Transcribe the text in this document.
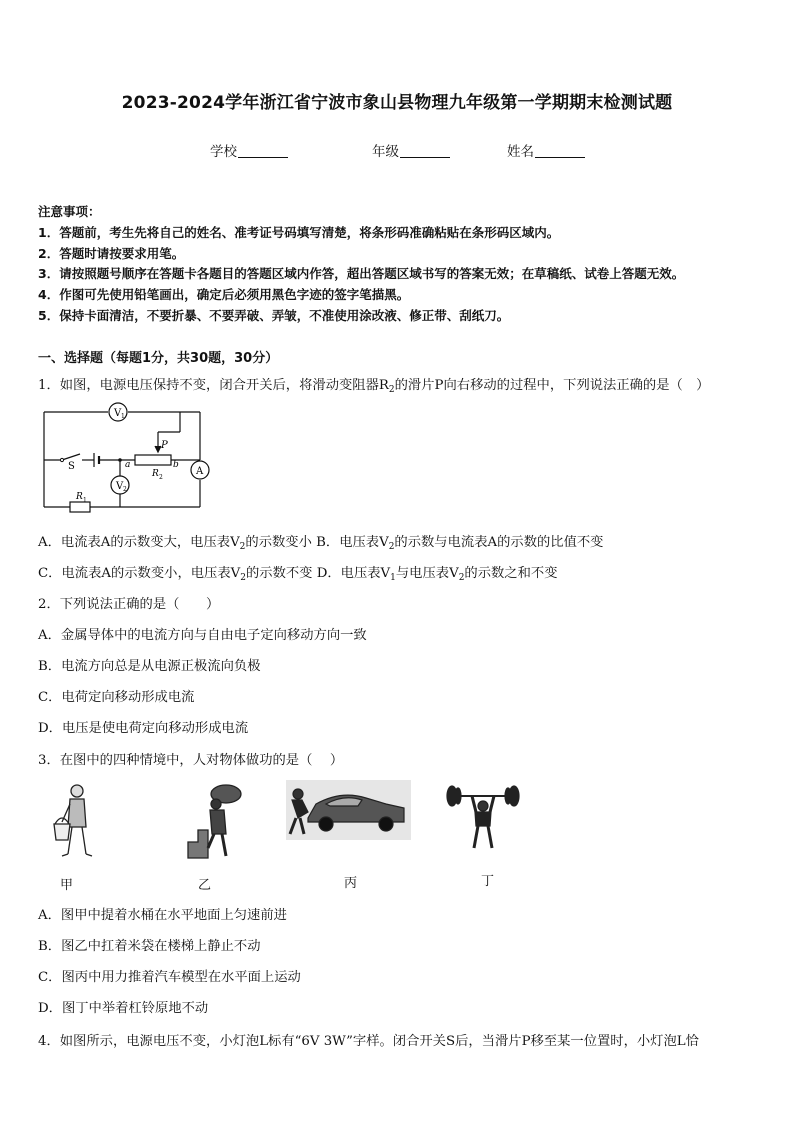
2023-2024学年浙江省宁波市象山县物理九年级第一学期期末检测试题
学校	年级	姓名
注意事项：
1．答题前，考生先将自己的姓名、准考证号码填写清楚，将条形码准确粘贴在条形码区域内。
2．答题时请按要求用笔。
3．请按照题号顺序在答题卡各题目的答题区域内作答，超出答题区域书写的答案无效；在草稿纸、试卷上答题无效。
4．作图可先使用铅笔画出，确定后必须用黑色字迹的签字笔描黑。
5．保持卡面清洁，不要折暴、不要弄破、弄皱，不准使用涂改液、修正带、刮纸刀。
一、选择题（每题1分，共30题，30分）
1．如图，电源电压保持不变，闭合开关后，将滑动变阻器$R_2$的滑片P向右移动的过程中，下列说法正确的是（　）
V 1
V 2
A
P
S	a	b
R 2
R 1
A．电流表A的示数变大，电压表$V_2$的示数变小 B．电压表$V_2$的示数与电流表A的示数的比值不变
C．电流表A的示数变小，电压表$V_2$的示数不变 D．电压表$V_1$与电压表$V_2$的示数之和不变
2．下列说法正确的是（　　）
A．金属导体中的电流方向与自由电子定向移动方向一致
B．电流方向总是从电源正极流向负极
C．电荷定向移动形成电流
D．电压是使电荷定向移动形成电流
3．在图中的四种情境中，人对物体做功的是（　 ）
甲	乙	丙	丁
A．图甲中提着水桶在水平地面上匀速前进
B．图乙中扛着米袋在楼梯上静止不动
C．图丙中用力推着汽车模型在水平面上运动
D．图丁中举着杠铃原地不动
4．如图所示，电源电压不变，小灯泡L标有“6V 3W”字样。闭合开关S后，当滑片P移至某一位置时，小灯泡L恰
